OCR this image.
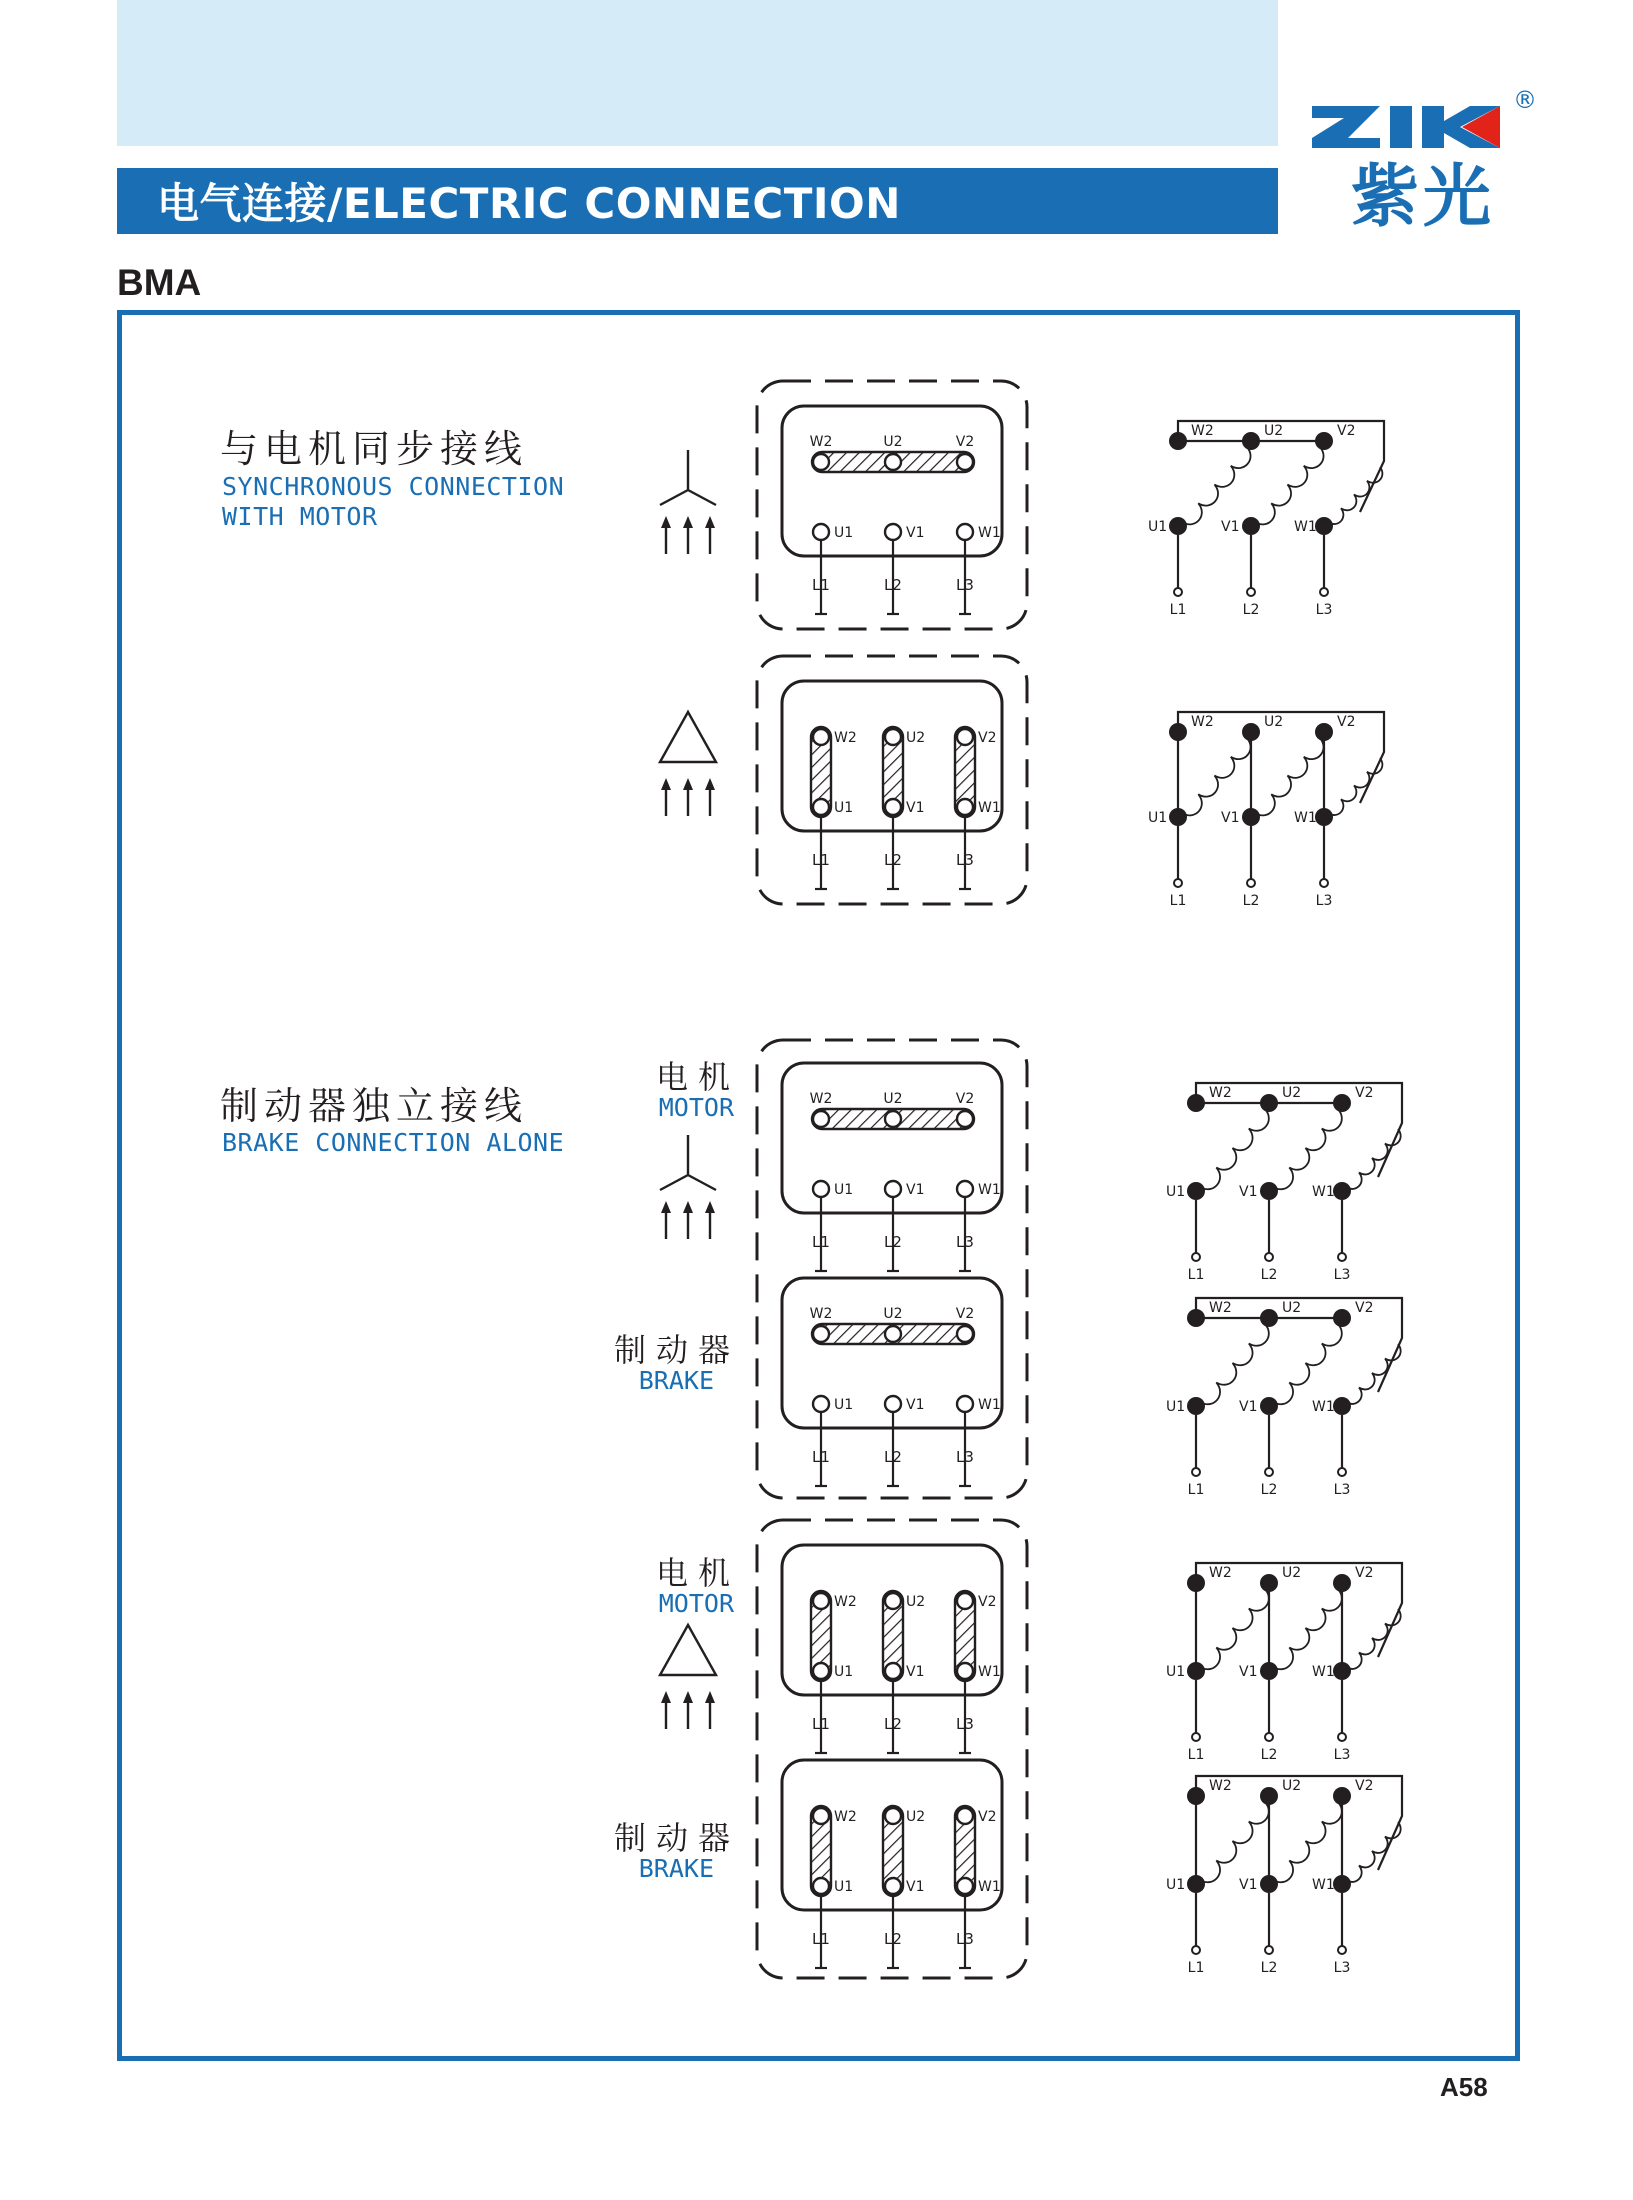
电气连接/ELECTRIC CONNECTION
®
紫光
BMA
与电机同步接线
SYNCHRONOUS CONNECTION
WITH MOTOR
制动器独立接线
BRAKE CONNECTION ALONE
电机
MOTOR
制动器
BRAKE
电机
MOTOR
制动器
BRAKE
W2
U1
L1
U2
V1
L2
V2
W1
L3
W2
U1
L1
U2
V1
L2
V2
W1
L3
W2
U1
L1
U2
V1
L2
V2
W1
L3
W2
U1
L1
U2
V1
L2
V2
W1
L3
W2
U1
L1
U2
V1
L2
V2
W1
L3
W2
U1
L1
U2
V1
L2
V2
W1
L3
W2
U1
L1
U2
V1
L2
V2
W1
L3
W2
U1
L1
U2
V1
L2
V2
W1
L3
W2
U1
L1
U2
V1
L2
V2
W1
L3
W2
U1
L1
U2
V1
L2
V2
W1
L3
W2
U1
L1
U2
V1
L2
V2
W1
L3
W2
U1
L1
U2
V1
L2
V2
W1
L3
A58
